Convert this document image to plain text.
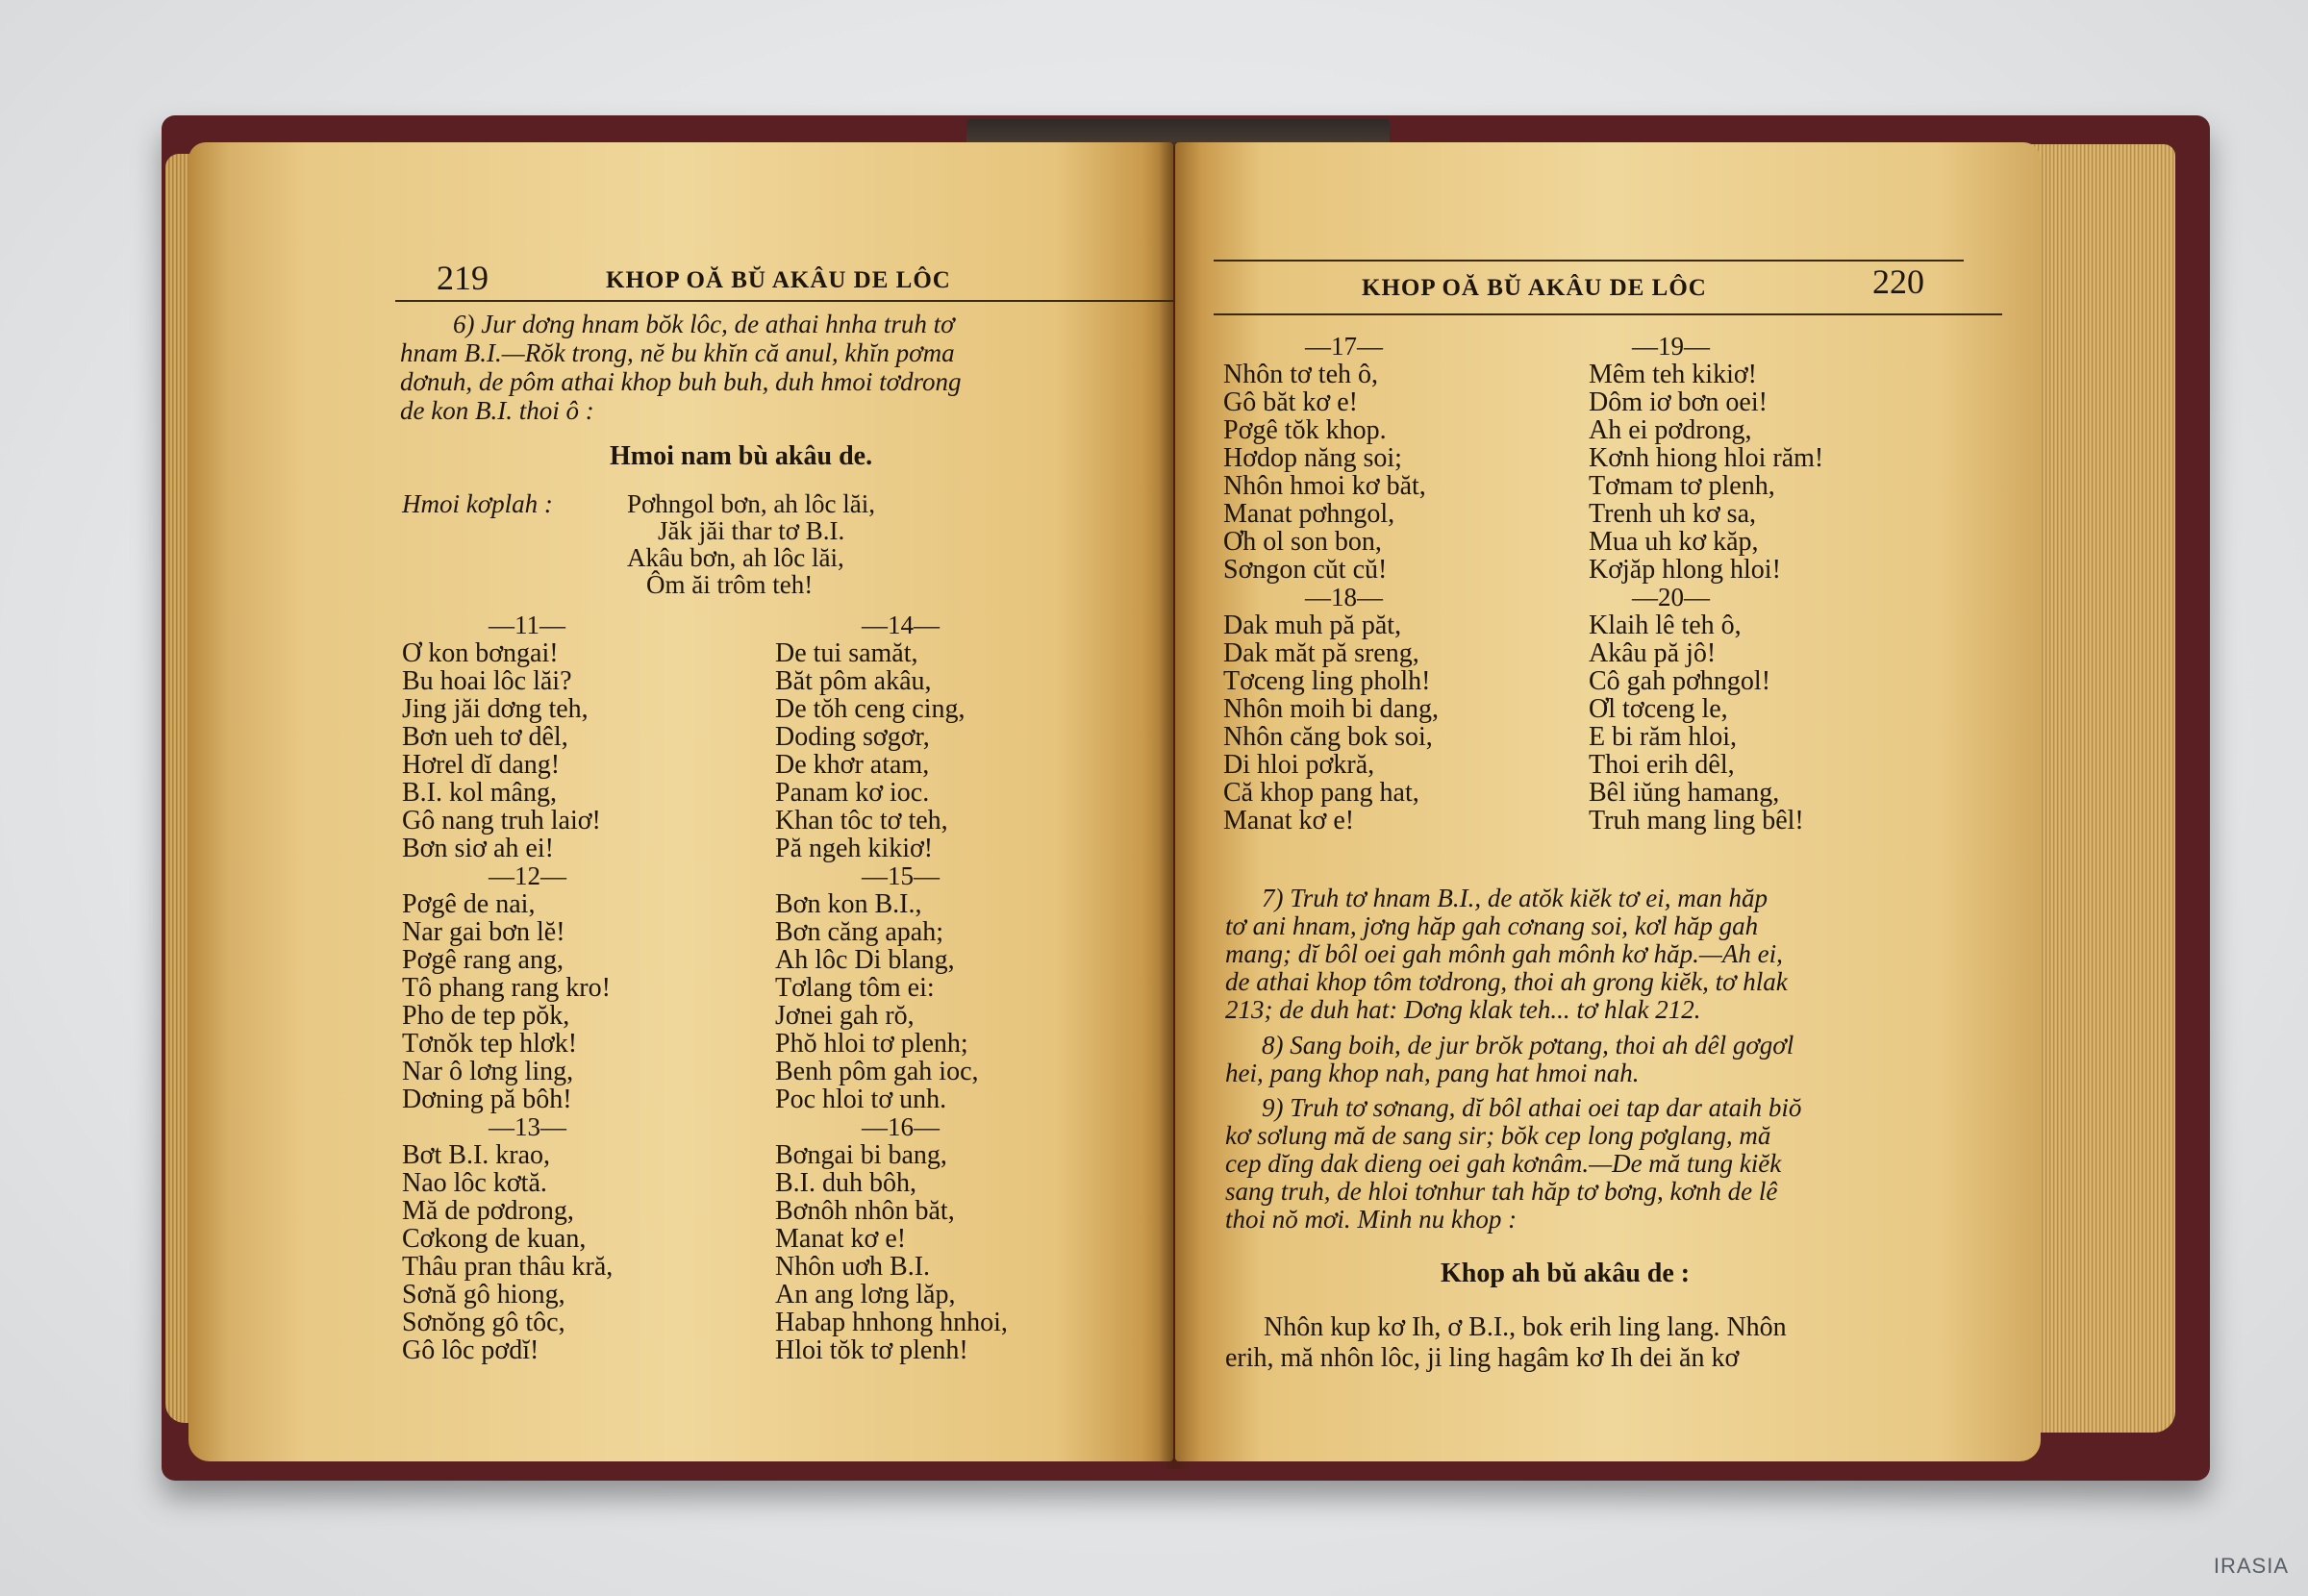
219	KHOP OĂ BŬ AKÂU DE LÔC
6) Jur dơng hnam bŏk lôc, de athai hnha truh tơ
hnam B.I.—Rŏk trong, nĕ bu khĭn că anul, khĭn pơma
dơnuh, de pôm athai khop buh buh, duh hmoi tơdrong
de kon B.I. thoi ô :
Hmoi nam bù akâu de.
Hmoi kơplah :	Pơhngol bơn, ah lôc lăi,
Jăk jăi thar tơ B.I.
Akâu bơn, ah lôc lăi,
Ôm ăi trôm teh!
—11—
Ơ kon bơngai!
Bu hoai lôc lăi?
Jing jăi dơng teh,
Bơn ueh tơ dêl,
Hơrel dĭ dang!
B.I. kol mâng,
Gô nang truh laiơ!
Bơn siơ ah ei!
—12—
Pơgê de nai,
Nar gai bơn lĕ!
Pơgê rang ang,
Tô phang rang kro!
Pho de tep pŏk,
Tơnŏk tep hlơk!
Nar ô lơng ling,
Dơning pă bôh!
—13—
Bơt B.I. krao,
Nao lôc kơtă.
Mă de pơdrong,
Cơkong de kuan,
Thâu pran thâu kră,
Sơnă gô hiong,
Sơnŏng gô tôc,
Gô lôc pơdĭ!
—14—
De tui samăt,
Băt pôm akâu,
De tŏh ceng cing,
Doding sơgơr,
De khơr atam,
Panam kơ ioc.
Khan tôc tơ teh,
Pă ngeh kikiơ!
—15—
Bơn kon B.I.,
Bơn căng apah;
Ah lôc Di blang,
Tơlang tôm ei:
Jơnei gah rŏ,
Phŏ hloi tơ plenh;
Benh pôm gah ioc,
Poc hloi tơ unh.
—16—
Bơngai bi bang,
B.I. duh bôh,
Bơnôh nhôn băt,
Manat kơ e!
Nhôn uơh B.I.
An ang lơng lăp,
Habap hnhong hnhoi,
Hloi tŏk tơ plenh!
KHOP OĂ BŬ AKÂU DE LÔC	220
—17—
Nhôn tơ teh ô,
Gô băt kơ e!
Pơgê tŏk khop.
Hơdop năng soi;
Nhôn hmoi kơ băt,
Manat pơhngol,
Ơh ol son bon,
Sơngon cŭt cŭ!
—18—
Dak muh pă păt,
Dak măt pă sreng,
Tơceng ling pholh!
Nhôn moih bi dang,
Nhôn căng bok soi,
Di hloi pơkră,
Că khop pang hat,
Manat kơ e!
—19—
Mêm teh kikiơ!
Dôm iơ bơn oei!
Ah ei pơdrong,
Kơnh hiong hloi răm!
Tơmam tơ plenh,
Trenh uh kơ sa,
Mua uh kơ kăp,
Kơjăp hlong hloi!
—20—
Klaih lê teh ô,
Akâu pă jô!
Cô gah pơhngol!
Ơl tơceng le,
E bi răm hloi,
Thoi erih dêl,
Bêl iŭng hamang,
Truh mang ling bêl!
7) Truh tơ hnam B.I., de atŏk kiĕk tơ ei, man hăp
tơ ani hnam, jơng hăp gah cơnang soi, kơl hăp gah
mang; dĭ bôl oei gah mônh gah mônh kơ hăp.—Ah ei,
de athai khop tôm tơdrong, thoi ah grong kiĕk, tơ hlak
213; de duh hat: Dơng klak teh... tơ hlak 212.
8) Sang boih, de jur brŏk pơtang, thoi ah dêl gơgơl
hei, pang khop nah, pang hat hmoi nah.
9) Truh tơ sơnang, dĭ bôl athai oei tap dar ataih biŏ
kơ sơlung mă de sang sir; bŏk cep long pơglang, mă
cep dĭng dak dieng oei gah kơnâm.—De mă tung kiĕk
sang truh, de hloi tơnhur tah hăp tơ bơng, kơnh de lê
thoi nŏ mơi. Minh nu khop :
Khop ah bŭ akâu de :
Nhôn kup kơ Ih, ơ B.I., bok erih ling lang. Nhôn
erih, mă nhôn lôc, ji ling hagâm kơ Ih dei ăn kơ
IRASIA
